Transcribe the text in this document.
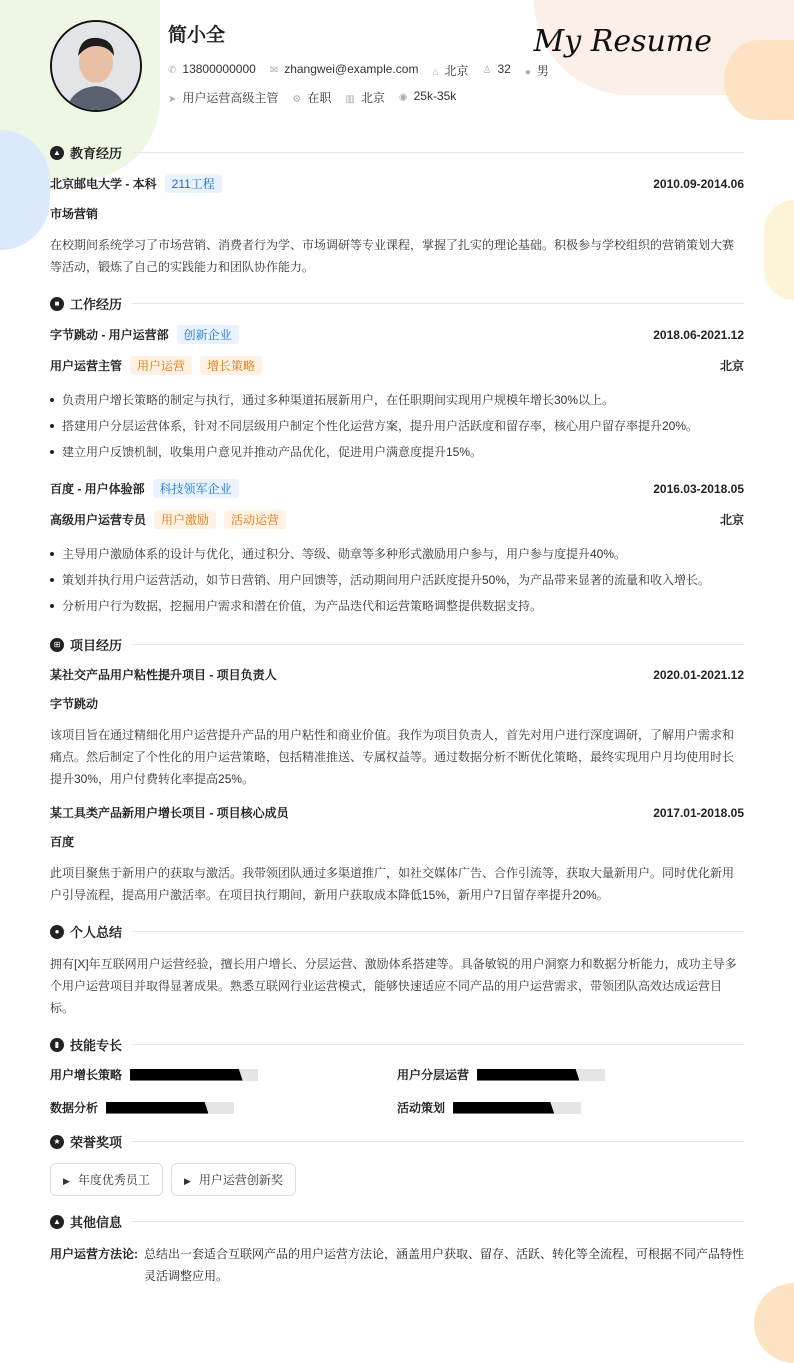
简小全	My Resume
✆ 13800000000 ✉ zhangwei@example.com ⌂ 北京 ♙ 32 ● 男
➤ 用户运营高级主管 ⚙ 在职 ▥ 北京 ◉ 25k-35k
▲ 教育经历
北京邮电大学 - 本科 211工程	2010.09-2014.06
市场营销

在校期间系统学习了市场营销、消费者行为学、市场调研等专业课程，掌握了扎实的理论基础。积极参与学校组织的营销策划大赛等活动，锻炼了自己的实践能力和团队协作能力。

■ 工作经历
字节跳动 - 用户运营部 创新企业	2018.06-2021.12
用户运营主管 用户运营 增长策略	北京
负责用户增长策略的制定与执行，通过多种渠道拓展新用户，在任职期间实现用户规模年增长30%以上。
搭建用户分层运营体系，针对不同层级用户制定个性化运营方案，提升用户活跃度和留存率，核心用户留存率提升20%。
建立用户反馈机制，收集用户意见并推动产品优化，促进用户满意度提升15%。
百度 - 用户体验部 科技领军企业	2016.03-2018.05
高级用户运营专员 用户激励 活动运营	北京
主导用户激励体系的设计与优化，通过积分、等级、勋章等多种形式激励用户参与，用户参与度提升40%。
策划并执行用户运营活动，如节日营销、用户回馈等，活动期间用户活跃度提升50%，为产品带来显著的流量和收入增长。
分析用户行为数据，挖掘用户需求和潜在价值，为产品迭代和运营策略调整提供数据支持。
⊞ 项目经历
某社交产品用户粘性提升项目 - 项目负责人	2020.01-2021.12
字节跳动

该项目旨在通过精细化用户运营提升产品的用户粘性和商业价值。我作为项目负责人，首先对用户进行深度调研，了解用户需求和痛点。然后制定了个性化的用户运营策略，包括精准推送、专属权益等。通过数据分析不断优化策略，最终实现用户月均使用时长提升30%，用户付费转化率提高25%。

某工具类产品新用户增长项目 - 项目核心成员	2017.01-2018.05
百度

此项目聚焦于新用户的获取与激活。我带领团队通过多渠道推广，如社交媒体广告、合作引流等，获取大量新用户。同时优化新用户引导流程，提高用户激活率。在项目执行期间，新用户获取成本降低15%，新用户7日留存率提升20%。

● 个人总结

拥有[X]年互联网用户运营经验，擅长用户增长、分层运营、激励体系搭建等。具备敏锐的用户洞察力和数据分析能力，成功主导多个用户运营项目并取得显著成果。熟悉互联网行业运营模式，能够快速适应不同产品的用户运营需求，带领团队高效达成运营目标。

▮ 技能专长
用户增长策略	用户分层运营
数据分析	活动策划
★ 荣誉奖项
▶ 年度优秀员工	▶ 用户运营创新奖
▲ 其他信息
用户运营方法论: 总结出一套适合互联网产品的用户运营方法论，涵盖用户获取、留存、活跃、转化等全流程，可根据不同产品特性灵活调整应用。
